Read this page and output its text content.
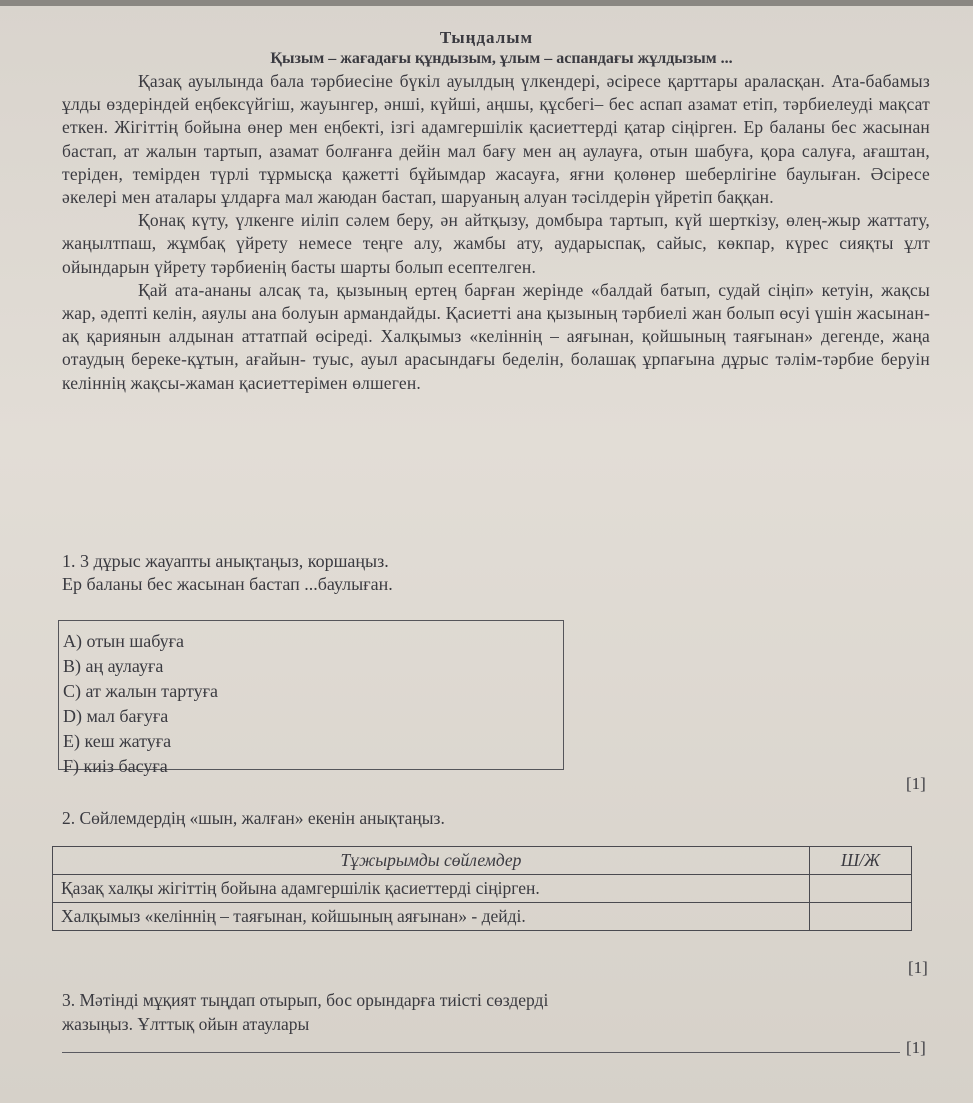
Тыңдалым
Қызым – жағадағы құндызым, ұлым – аспандағы жұлдызым ...

Қазақ ауылында бала тәрбиесіне бүкіл ауылдың үлкендері, әсіресе қарттары араласқан. Ата-бабамыз ұлды өздеріндей еңбексүйгіш, жауынгер, әнші, күйші, аңшы, құсбегі– бес аспап азамат етіп, тәрбиелеуді мақсат еткен. Жігіттің бойына өнер мен еңбекті, ізгі адамгершілік қасиеттерді қатар сіңірген. Ер баланы бес жасынан бастап, ат жалын тартып, азамат болғанға дейін мал бағу мен аң аулауға, отын шабуға, қора салуға, ағаштан, теріден, темірден түрлі тұрмысқа қажетті бұйымдар жасауға, яғни қолөнер шеберлігіне баулыған. Әсіресе әкелері мен аталары ұлдарға мал жаюдан бастап, шаруаның алуан тәсілдерін үйретіп баққан.

Қонақ күту, үлкенге иіліп сәлем беру, ән айтқызу, домбыра тартып, күй шерткізу, өлең-жыр жаттату, жаңылтпаш, жұмбақ үйрету немесе теңге алу, жамбы ату, аударыспақ, сайыс, көкпар, күрес сияқты ұлт ойындарын үйрету тәрбиенің басты шарты болып есептелген.

Қай ата-ананы алсақ та, қызының ертең барған жерінде «балдай батып, судай сіңіп» кетуін, жақсы жар, әдепті келін, аяулы ана болуын армандайды. Қасиетті ана қызының тәрбиелі жан болып өсуі үшін жасынан-ақ қариянын алдынан аттатпай өсіреді. Халқымыз «келіннің – аяғынан, қойшының таяғынан» дегенде, жаңа отаудың береке-құтын, ағайын- туыс, ауыл арасындағы беделін, болашақ ұрпағына дұрыс тәлім-тәрбие беруін келіннің жақсы-жаман қасиеттерімен өлшеген.

1. 3 дұрыс жауапты анықтаңыз, коршаңыз.
Ер баланы бес жасынан бастап ...баулыған.
A) отын шабуға
B) аң аулауға
C) ат жалын тартуға
D) мал бағуға
E) кеш жатуға
F) киіз басуға
[1]
2. Сөйлемдердің «шын, жалған» екенін анықтаңыз.
Тұжырымды сөйлемдер	Ш/Ж
Қазақ халқы жігіттің бойына адамгершілік қасиеттерді сіңірген.	
Халқымыз «келіннің – таяғынан, койшының аяғынан» - дейді.	
[1]
3. Мәтінді мұқият тыңдап отырып, бос орындарға тиісті сөздерді
жазыңыз. Ұлттық ойын атаулары
[1]
